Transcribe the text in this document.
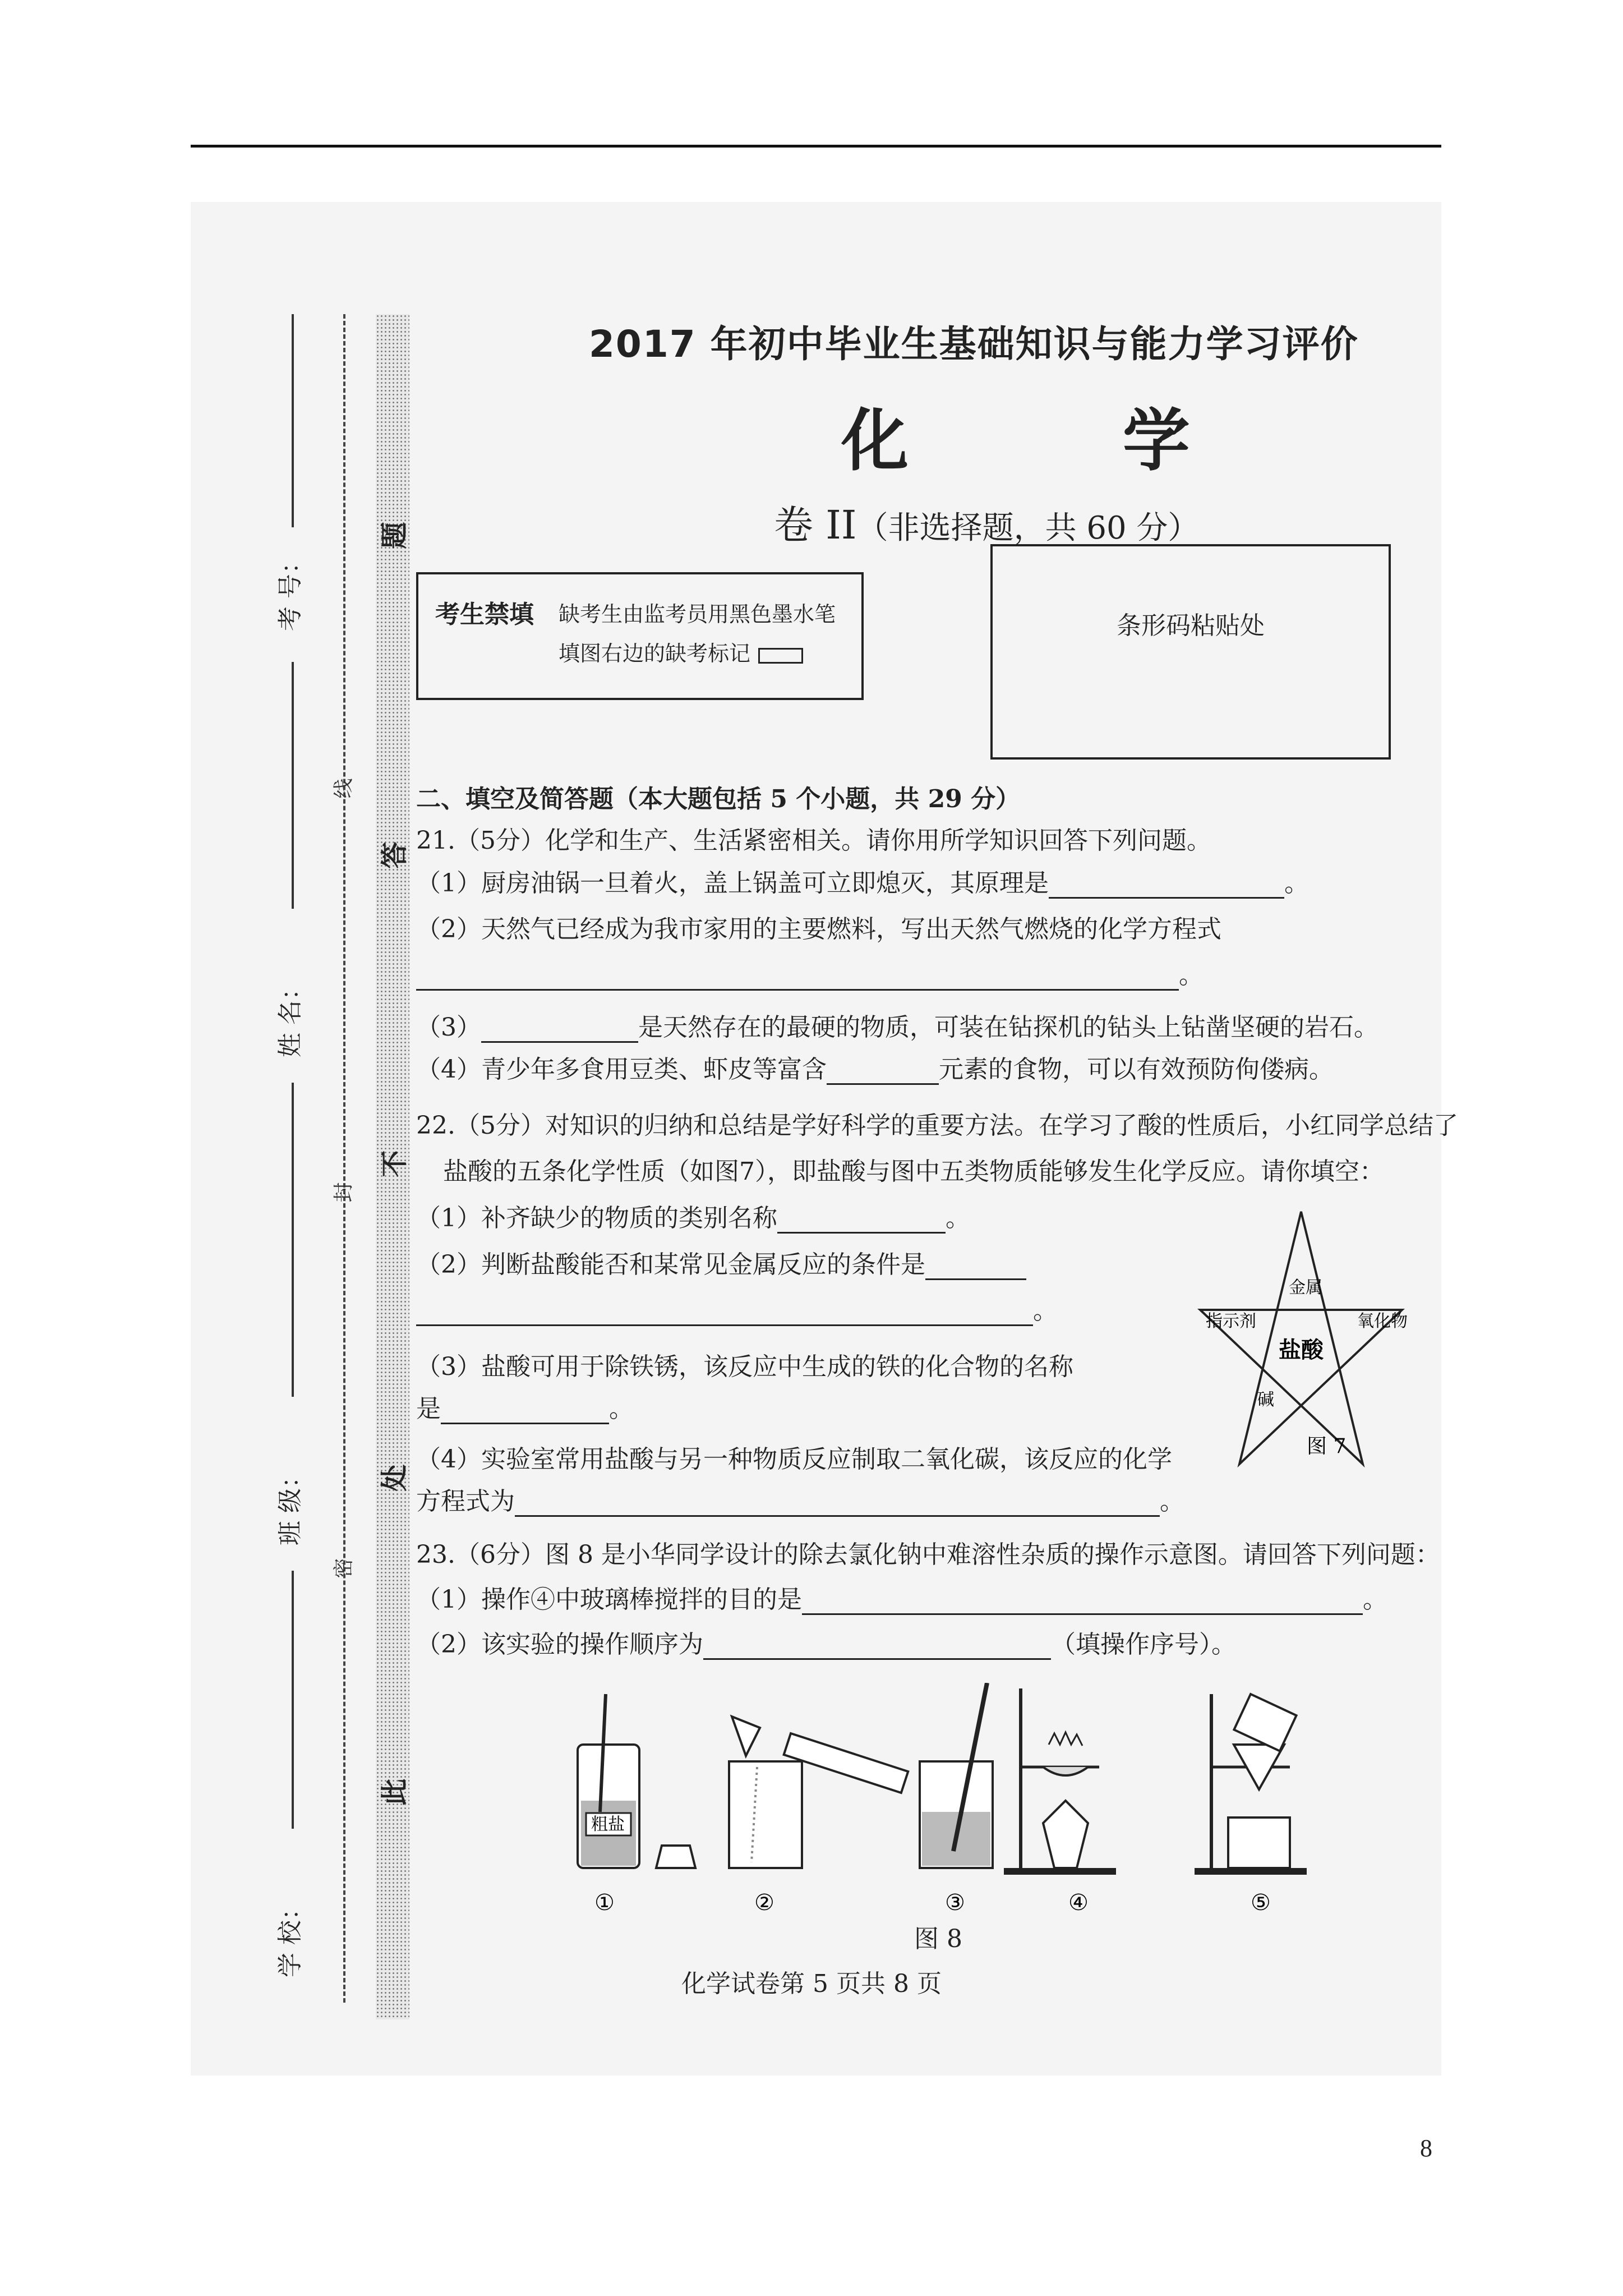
考 号：
姓 名：
班 级：
学 校：
线
封
密
题
答
不
处
此
2017 年初中毕业生基础知识与能力学习评价
化 学
卷 II（非选择题，共 60 分）
考生禁填 缺考生由监考员用黑色墨水笔
填图右边的缺考标记
条形码粘贴处
二、填空及简答题（本大题包括 5 个小题，共 29 分）
21.（5分）化学和生产、生活紧密相关。请你用所学知识回答下列问题。
（1）厨房油锅一旦着火，盖上锅盖可立即熄灭，其原理是	。
（2）天然气已经成为我市家用的主要燃料，写出天然气燃烧的化学方程式
。
（3）	是天然存在的最硬的物质，可装在钻探机的钻头上钻凿坚硬的岩石。
（4）青少年多食用豆类、虾皮等富含	元素的食物，可以有效预防佝偻病。
22.（5分）对知识的归纳和总结是学好科学的重要方法。在学习了酸的性质后，小红同学总结了
盐酸的五条化学性质（如图7），即盐酸与图中五类物质能够发生化学反应。请你填空：
（1）补齐缺少的物质的类别名称	。
（2）判断盐酸能否和某常见金属反应的条件是
。
（3）盐酸可用于除铁锈，该反应中生成的铁的化合物的名称
是	。
（4）实验室常用盐酸与另一种物质反应制取二氧化碳，该反应的化学
方程式为	。
金属
指示剂	氧化物
盐酸
碱
图 7
23.（6分）图 8 是小华同学设计的除去氯化钠中难溶性杂质的操作示意图。请回答下列问题：
（1）操作④中玻璃棒搅拌的目的是	。
（2）该实验的操作顺序为	（填操作序号）。
粗盐
①	②	③	④	⑤
图 8
化学试卷第 5 页共 8 页
8
